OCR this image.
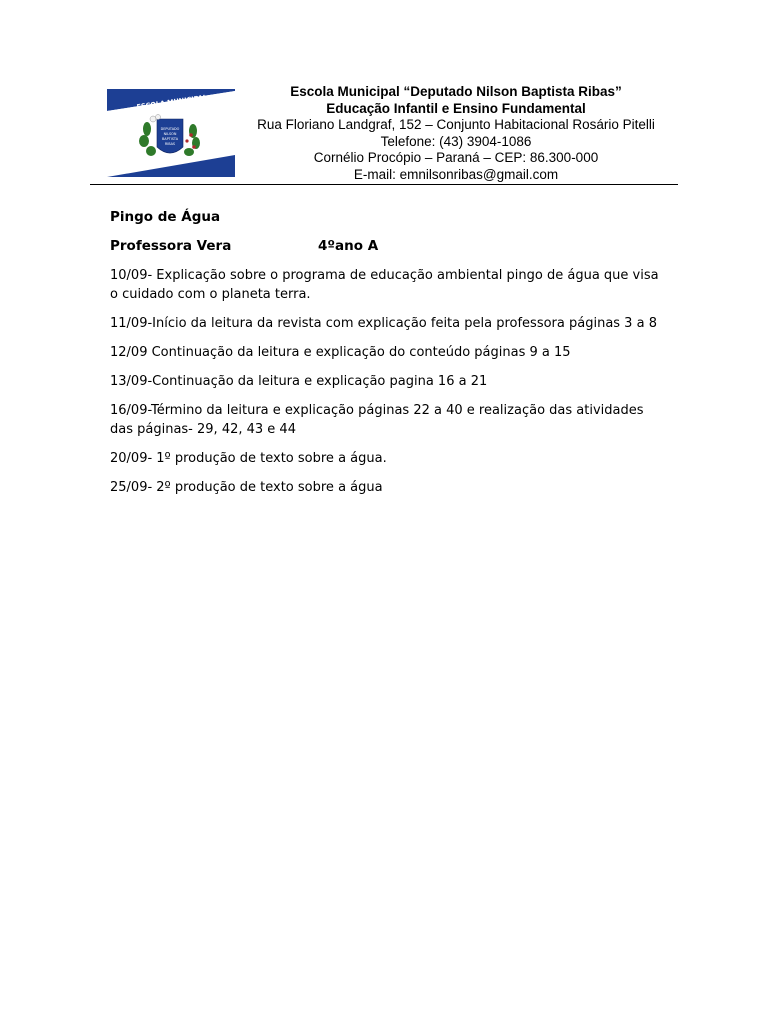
ESCOLA MUNICIPAL
DEPUTADO
NILSON
BAPTISTA
RIBAS
Escola Municipal “Deputado Nilson Baptista Ribas”
Educação Infantil e Ensino Fundamental
Rua Floriano Landgraf, 152 – Conjunto Habitacional Rosário Pitelli
Telefone: (43) 3904-1086
Cornélio Procópio – Paraná – CEP: 86.300-000
E-mail: emnilsonribas@gmail.com

Pingo de Água

Professora Vera	4ºano A

10/09- Explicação sobre o programa de educação ambiental pingo de água que visa o cuidado com o planeta terra.

11/09-Início da leitura da revista com explicação feita pela professora páginas 3 a 8

12/09 Continuação da leitura e explicação do conteúdo páginas 9 a 15

13/09-Continuação da leitura e explicação pagina 16 a 21

16/09-Término da leitura e explicação páginas 22 a 40 e realização das atividades das páginas- 29, 42, 43 e 44

20/09- 1º produção de texto sobre a água.

25/09- 2º produção de texto sobre a água
